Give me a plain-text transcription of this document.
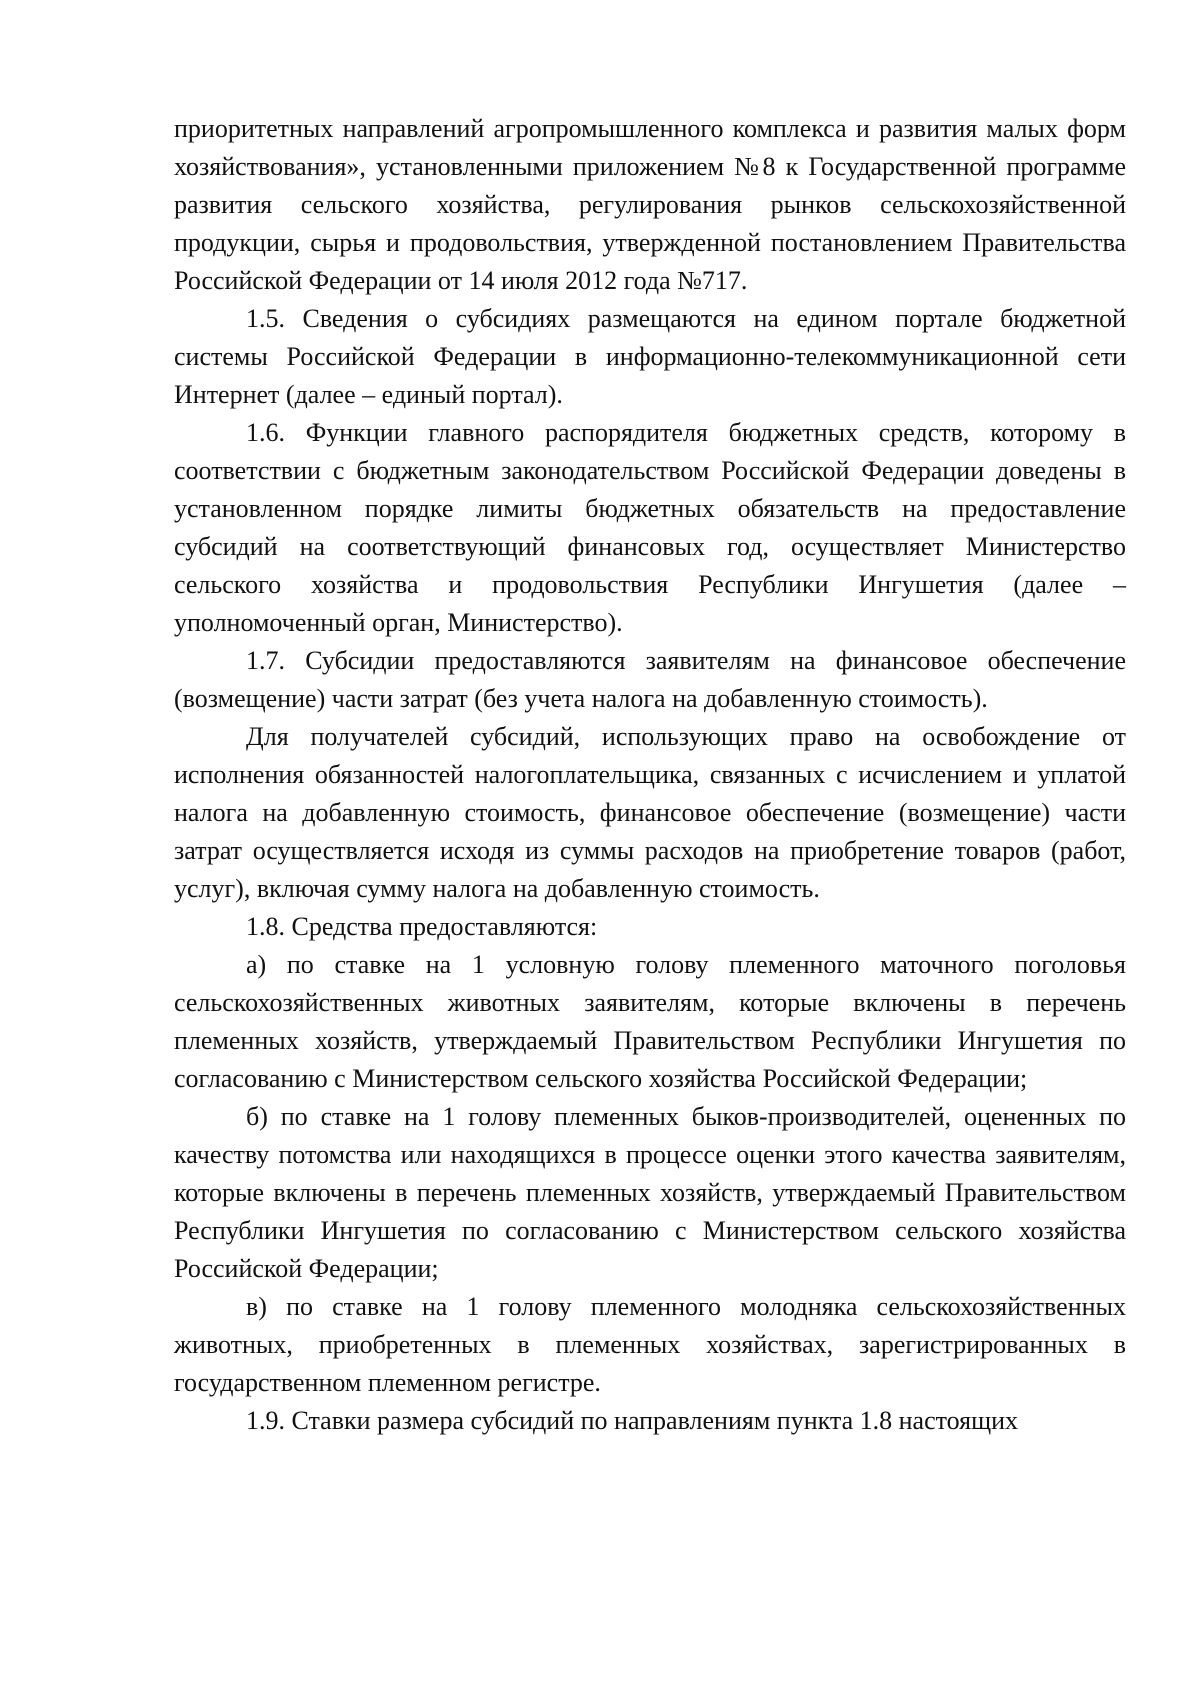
приоритетных направлений агропромышленного комплекса и развития малых форм хозяйствования», установленными приложением №8 к Государственной программе развития сельского хозяйства, регулирования рынков сельскохозяйственной продукции, сырья и продовольствия, утвержденной постановлением Правительства Российской Федерации от 14 июля 2012 года №717.

1.5. Сведения о субсидиях размещаются на едином портале бюджетной системы Российской Федерации в информационно-телекоммуникационной сети Интернет (далее – единый портал).

1.6. Функции главного распорядителя бюджетных средств, которому в соответствии с бюджетным законодательством Российской Федерации доведены в установленном порядке лимиты бюджетных обязательств на предоставление субсидий на соответствующий финансовых год, осуществляет Министерство сельского хозяйства и продовольствия Республики Ингушетия (далее – уполномоченный орган, Министерство).

1.7. Субсидии предоставляются заявителям на финансовое обеспечение (возмещение) части затрат (без учета налога на добавленную стоимость).

Для получателей субсидий, использующих право на освобождение от исполнения обязанностей налогоплательщика, связанных с исчислением и уплатой налога на добавленную стоимость, финансовое обеспечение (возмещение) части затрат осуществляется исходя из суммы расходов на приобретение товаров (работ, услуг), включая сумму налога на добавленную стоимость.

1.8. Средства предоставляются:

а) по ставке на 1 условную голову племенного маточного поголовья сельскохозяйственных животных заявителям, которые включены в перечень племенных хозяйств, утверждаемый Правительством Республики Ингушетия по согласованию с Министерством сельского хозяйства Российской Федерации;

б) по ставке на 1 голову племенных быков-производителей, оцененных по качеству потомства или находящихся в процессе оценки этого качества заявителям, которые включены в перечень племенных хозяйств, утверждаемый Правительством Республики Ингушетия по согласованию с Министерством сельского хозяйства Российской Федерации;

в) по ставке на 1 голову племенного молодняка сельскохозяйственных животных, приобретенных в племенных хозяйствах, зарегистрированных в государственном племенном регистре.

1.9. Ставки размера субсидий по направлениям пункта 1.8 настоящих
